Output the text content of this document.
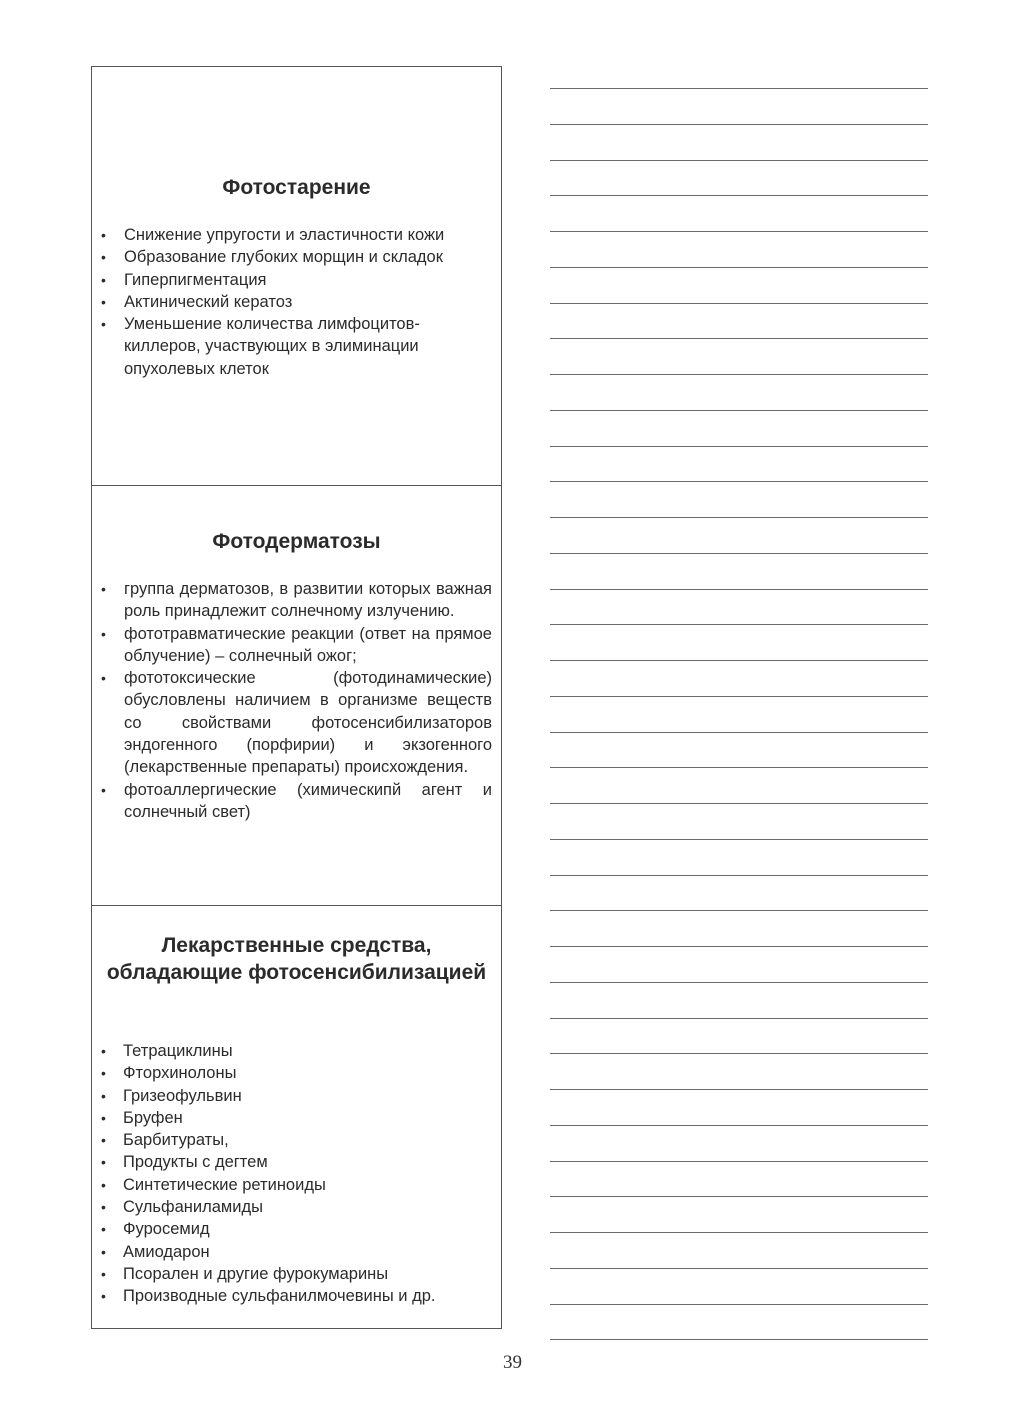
Фотостарение
• Снижение упругости и эластичности кожи
• Образование глубоких морщин и складок
• Гиперпигментация
• Актинический кератоз
• Уменьшение количества лимфоцитов-киллеров, участвующих в элиминации опухолевых клеток
Фотодерматозы
• группа дерматозов, в развитии которых важная роль принадлежит солнечному излучению.
• фототравматические реакции (ответ на прямое облучение) – солнечный ожог;
• фототоксические (фотодинамические) обусловлены наличием в организме веществ со свойствами фотосенсибилизаторов эндогенного (порфирии) и экзогенного (лекарственные препараты) происхождения.
• фотоаллергические (химическипй агент и солнечный свет)
Лекарственные средства, обладающие фотосенсибилизацией
• Тетрациклины
• Фторхинолоны
• Гризеофульвин
• Бруфен
• Барбитураты,
• Продукты с дегтем
• Синтетические ретиноиды
• Сульфаниламиды
• Фуросемид
• Амиодарон
• Псорален и другие фурокумарины
• Производные сульфанилмочевины и др.
39
